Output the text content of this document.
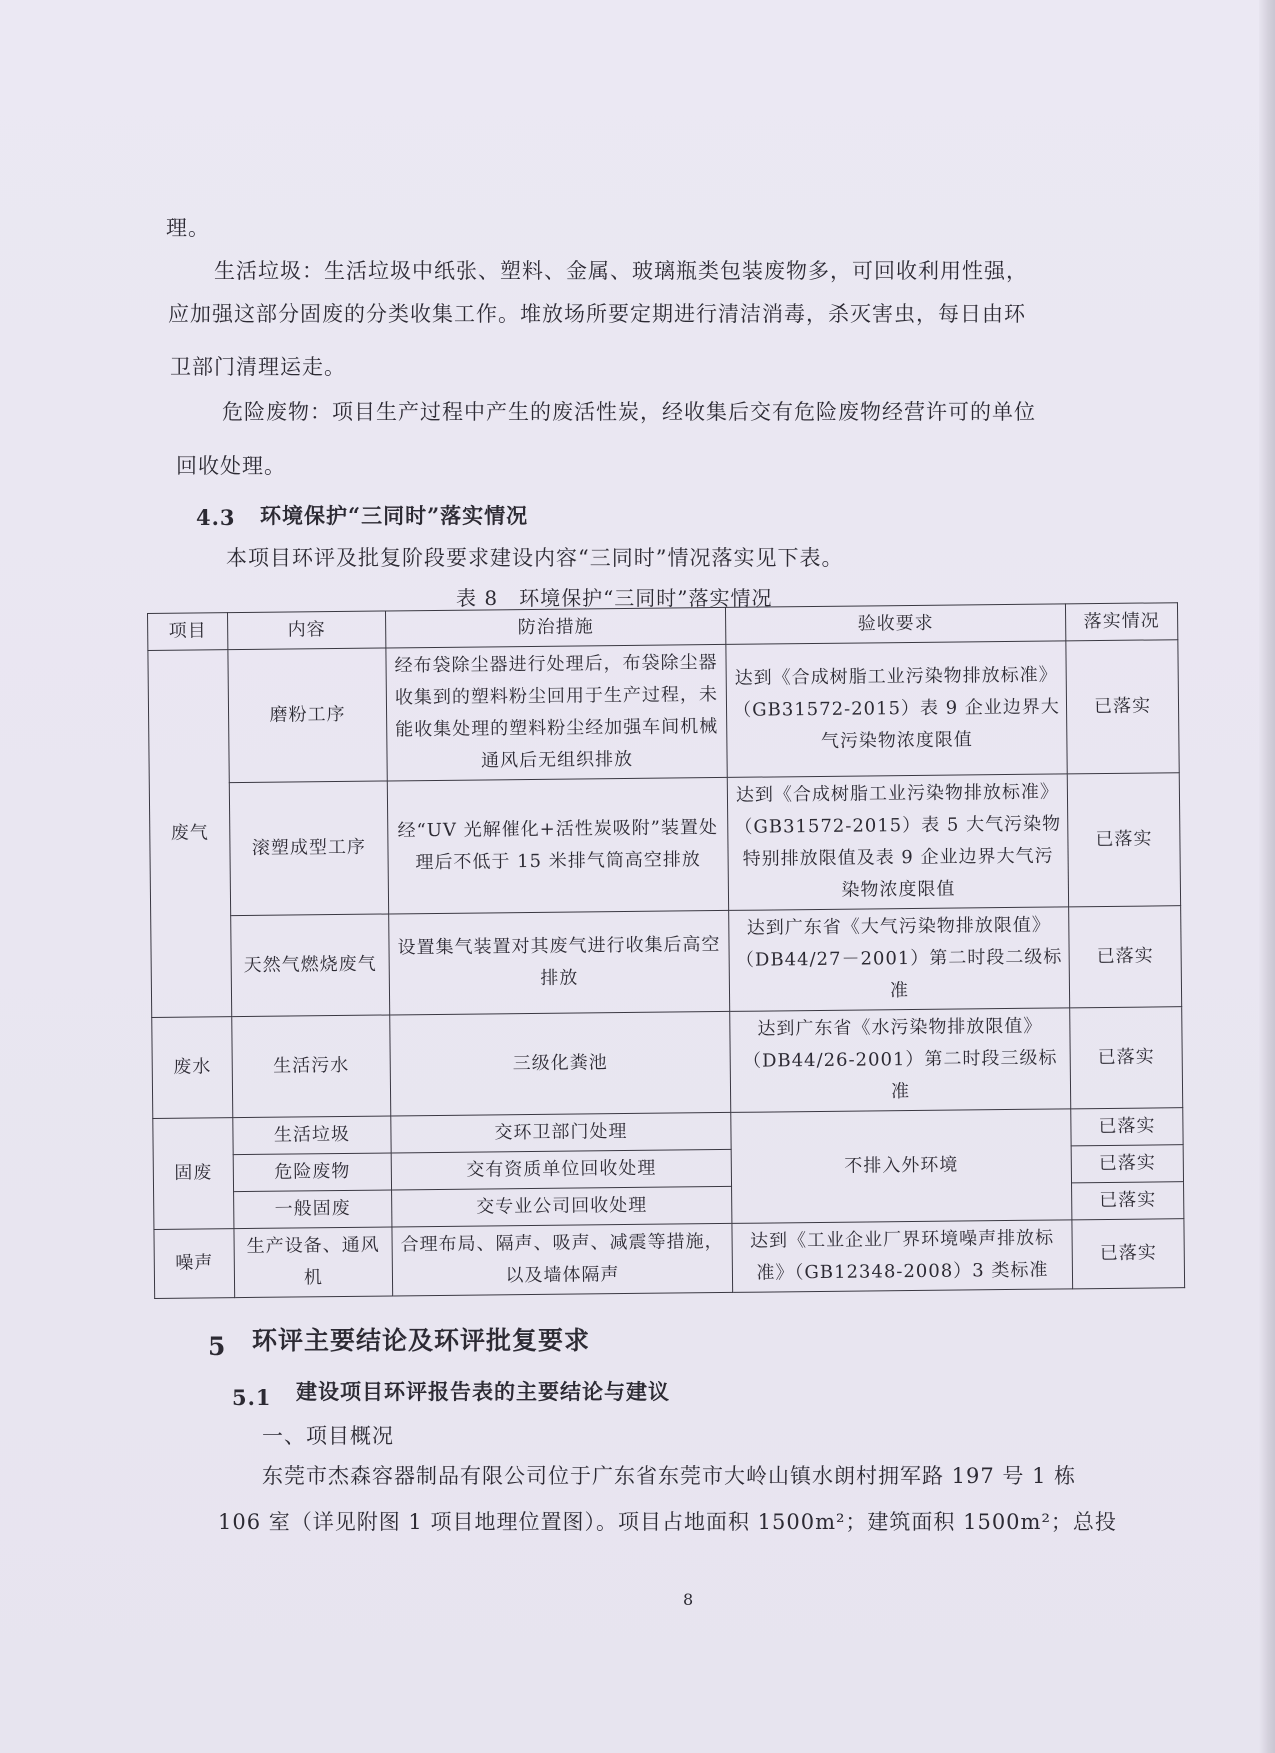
理。
生活垃圾：生活垃圾中纸张、塑料、金属、玻璃瓶类包装废物多，可回收利用性强，
应加强这部分固废的分类收集工作。堆放场所要定期进行清洁消毒，杀灭害虫，每日由环
卫部门清理运走。
危险废物：项目生产过程中产生的废活性炭，经收集后交有危险废物经营许可的单位
回收处理。
4.3 环境保护“三同时”落实情况
本项目环评及批复阶段要求建设内容“三同时”情况落实见下表。
表 8　环境保护“三同时”落实情况
项目	内容	防治措施	验收要求	落实情况
废气	磨粉工序	经布袋除尘器进行处理后，布袋除尘器收集到的塑料粉尘回用于生产过程，未能收集处理的塑料粉尘经加强车间机械通风后无组织排放	达到《合成树脂工业污染物排放标准》（GB31572-2015）表 9 企业边界大气污染物浓度限值	已落实
	滚塑成型工序	经“UV 光解催化+活性炭吸附”装置处理后不低于 15 米排气筒高空排放	达到《合成树脂工业污染物排放标准》（GB31572-2015）表 5 大气污染物特别排放限值及表 9 企业边界大气污染物浓度限值	已落实
	天然气燃烧废气	设置集气装置对其废气进行收集后高空排放	达到广东省《大气污染物排放限值》（DB44/27－2001）第二时段二级标准	已落实
废水	生活污水	三级化粪池	达到广东省《水污染物排放限值》（DB44/26-2001）第二时段三级标准	已落实
固废	生活垃圾	交环卫部门处理	不排入外环境	已落实
	危险废物	交有资质单位回收处理		已落实
	一般固废	交专业公司回收处理		已落实
噪声	生产设备、通风机	合理布局、隔声、吸声、减震等措施，以及墙体隔声	达到《工业企业厂界环境噪声排放标准》（GB12348-2008）3 类标准	已落实
5 环评主要结论及环评批复要求
5.1 建设项目环评报告表的主要结论与建议
一、项目概况
东莞市杰森容器制品有限公司位于广东省东莞市大岭山镇水朗村拥军路 197 号 1 栋
106 室（详见附图 1 项目地理位置图）。项目占地面积 1500m²；建筑面积 1500m²；总投
8
